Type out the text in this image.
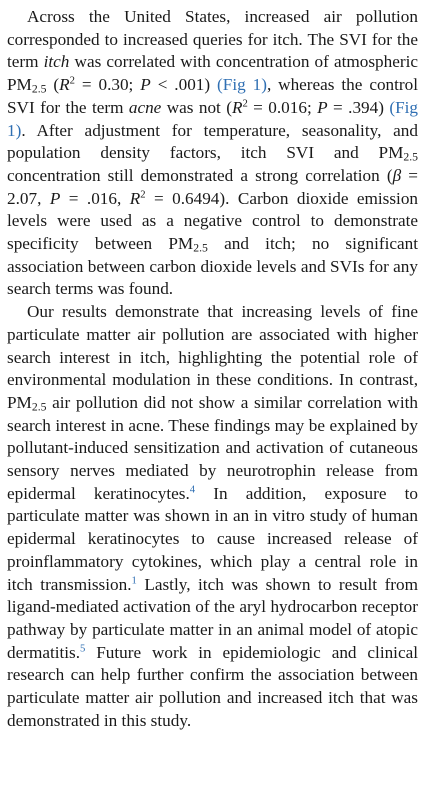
Across the United States, increased air pollution corresponded to increased queries for itch. The SVI for the term itch was correlated with concentration of atmospheric $PM_{2.5}$ ($R^2 = 0.30$; P < .001) (Fig 1), whereas the control SVI for the term acne was not ($R^2 = 0.016$; P = .394) (Fig 1). After adjustment for temperature, seasonality, and population density factors, itch SVI and $PM_{2.5}$ concentration still demonstrated a strong correlation (β = 2.07, P = .016, $R^2 = 0.6494$). Carbon dioxide emission levels were used as a negative control to demonstrate specificity between $PM_{2.5}$ and itch; no significant association between carbon dioxide levels and SVIs for any search terms was found.

Our results demonstrate that increasing levels of fine particulate matter air pollution are associated with higher search interest in itch, highlighting the potential role of environmental modulation in these conditions. In contrast, $PM_{2.5}$ air pollution did not show a similar correlation with search interest in acne. These findings may be explained by pollutant-induced sensitization and activation of cutaneous sensory nerves mediated by neurotrophin release from epidermal keratinocytes.$^4$ In addition, exposure to particulate matter was shown in an in vitro study of human epidermal keratinocytes to cause increased release of proinflammatory cytokines, which play a central role in itch transmission.$^1$ Lastly, itch was shown to result from ligand-mediated activation of the aryl hydrocarbon receptor pathway by particulate matter in an animal model of atopic dermatitis.$^5$ Future work in epidemiologic and clinical research can help further confirm the association between particulate matter air pollution and increased itch that was demonstrated in this study.
